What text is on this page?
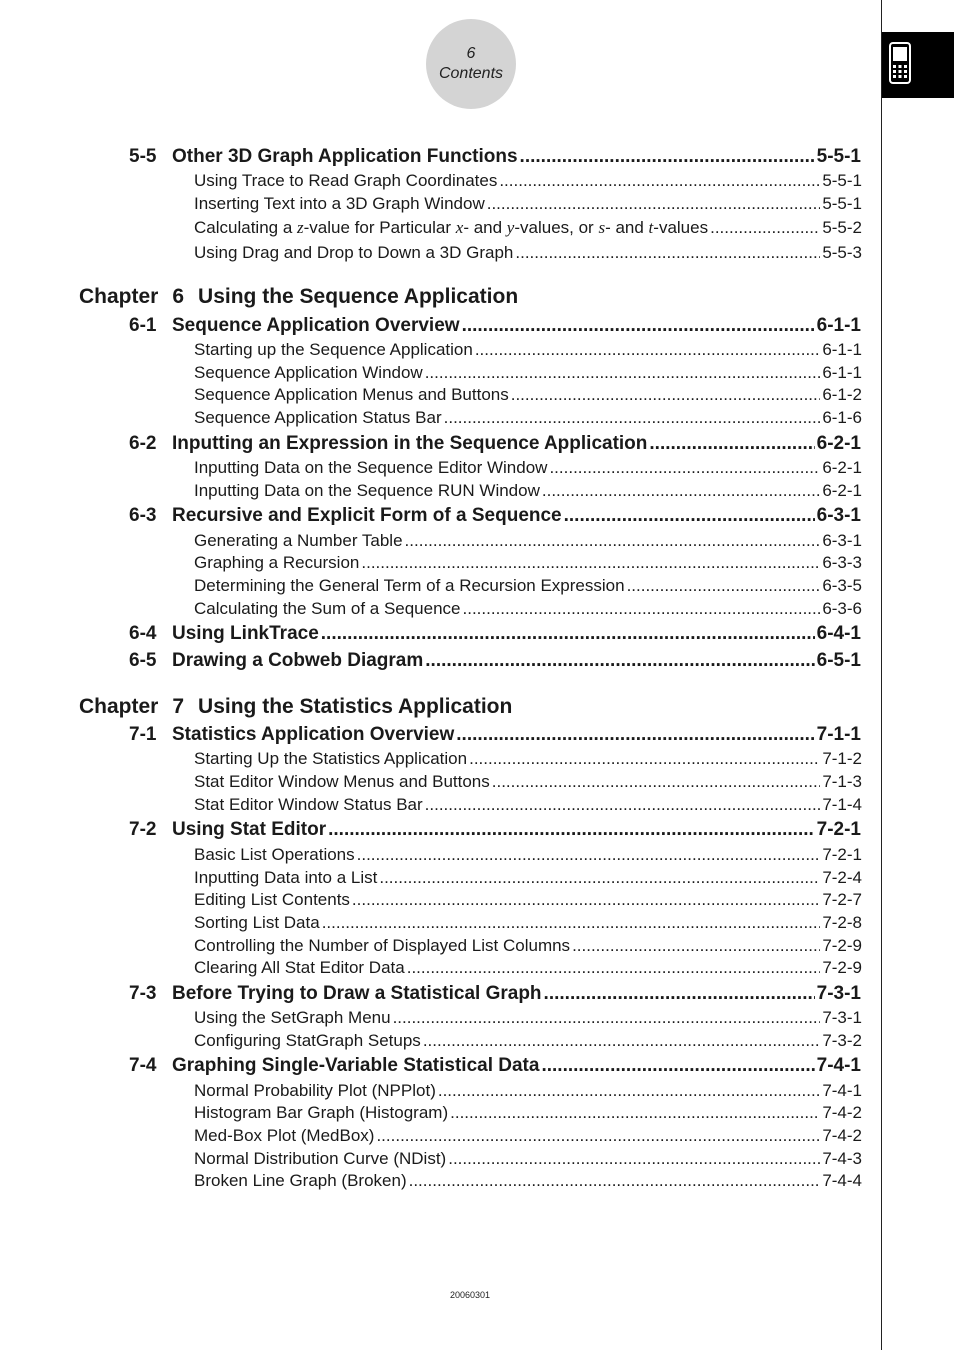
6
Contents
5-5 Other 3D Graph Application Functions .....	5-5-1
Using Trace to Read Graph Coordinates .....	5-5-1
Inserting Text into a 3D Graph Window .....	5-5-1
Calculating a z-value for Particular x- and y-values, or s- and t-values .....	5-5-2
Using Drag and Drop to Down a 3D Graph .....	5-5-3
Chapter 6 Using the Sequence Application
6-1 Sequence Application Overview .....	6-1-1
Starting up the Sequence Application .....	6-1-1
Sequence Application Window .....	6-1-1
Sequence Application Menus and Buttons .....	6-1-2
Sequence Application Status Bar .....	6-1-6
6-2 Inputting an Expression in the Sequence Application .....	6-2-1
Inputting Data on the Sequence Editor Window .....	6-2-1
Inputting Data on the Sequence RUN Window .....	6-2-1
6-3 Recursive and Explicit Form of a Sequence .....	6-3-1
Generating a Number Table .....	6-3-1
Graphing a Recursion .....	6-3-3
Determining the General Term of a Recursion Expression .....	6-3-5
Calculating the Sum of a Sequence .....	6-3-6
6-4 Using LinkTrace .....	6-4-1
6-5 Drawing a Cobweb Diagram .....	6-5-1
Chapter 7 Using the Statistics Application
7-1 Statistics Application Overview .....	7-1-1
Starting Up the Statistics Application .....	7-1-2
Stat Editor Window Menus and Buttons .....	7-1-3
Stat Editor Window Status Bar .....	7-1-4
7-2 Using Stat Editor .....	7-2-1
Basic List Operations .....	7-2-1
Inputting Data into a List .....	7-2-4
Editing List Contents .....	7-2-7
Sorting List Data .....	7-2-8
Controlling the Number of Displayed List Columns .....	7-2-9
Clearing All Stat Editor Data .....	7-2-9
7-3 Before Trying to Draw a Statistical Graph .....	7-3-1
Using the SetGraph Menu .....	7-3-1
Configuring StatGraph Setups .....	7-3-2
7-4 Graphing Single-Variable Statistical Data .....	7-4-1
Normal Probability Plot (NPPlot) .....	7-4-1
Histogram Bar Graph (Histogram) .....	7-4-2
Med-Box Plot (MedBox) .....	7-4-2
Normal Distribution Curve (NDist) .....	7-4-3
Broken Line Graph (Broken) .....	7-4-4
20060301
